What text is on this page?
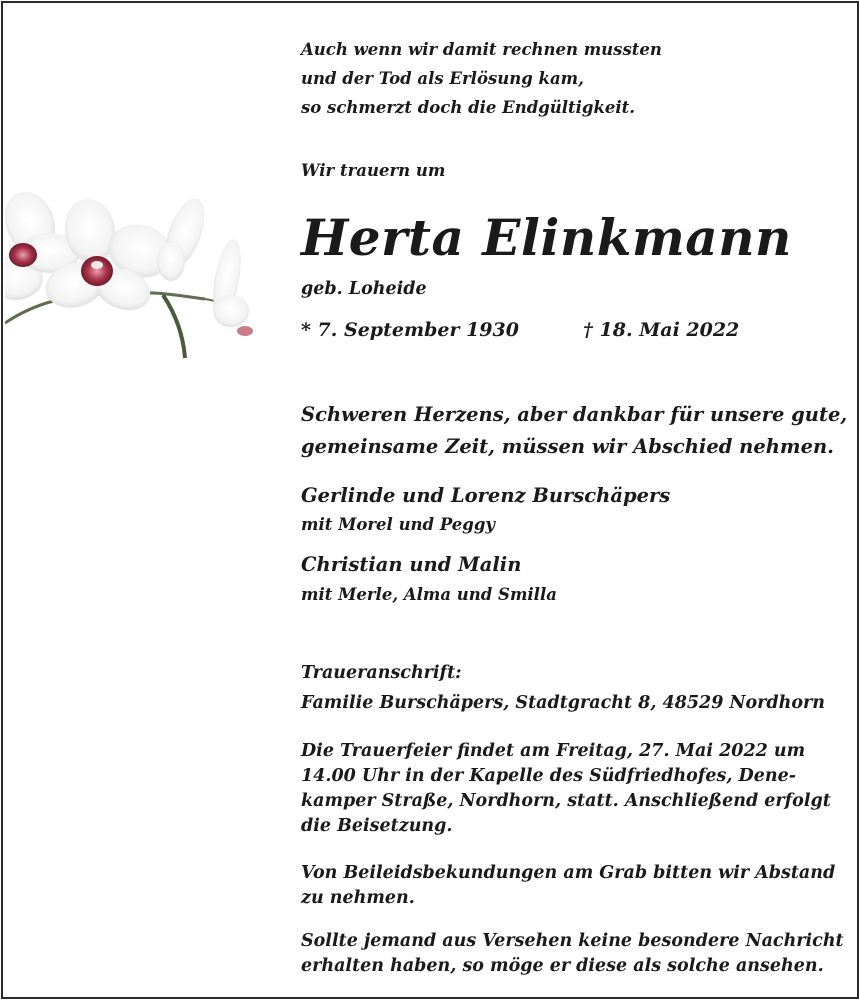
Auch wenn wir damit rechnen mussten
und der Tod als Erlösung kam,
so schmerzt doch die Endgültigkeit.

Wir trauern um

Herta Elinkmann

geb. Loheide

* 7. September 1930	† 18. Mai 2022

Schweren Herzens, aber dankbar für unsere gute,
gemeinsame Zeit, müssen wir Abschied nehmen.

Gerlinde und Lorenz Burschäpers

mit Morel und Peggy

Christian und Malin

mit Merle, Alma und Smilla

Traueranschrift:

Familie Burschäpers, Stadtgracht 8, 48529 Nordhorn

Die Trauerfeier findet am Freitag, 27. Mai 2022 um
14.00 Uhr in der Kapelle des Südfriedhofes, Dene-
kamper Straße, Nordhorn, statt. Anschließend erfolgt
die Beisetzung.

Von Beileidsbekundungen am Grab bitten wir Abstand
zu nehmen.

Sollte jemand aus Versehen keine besondere Nachricht
erhalten haben, so möge er diese als solche ansehen.
